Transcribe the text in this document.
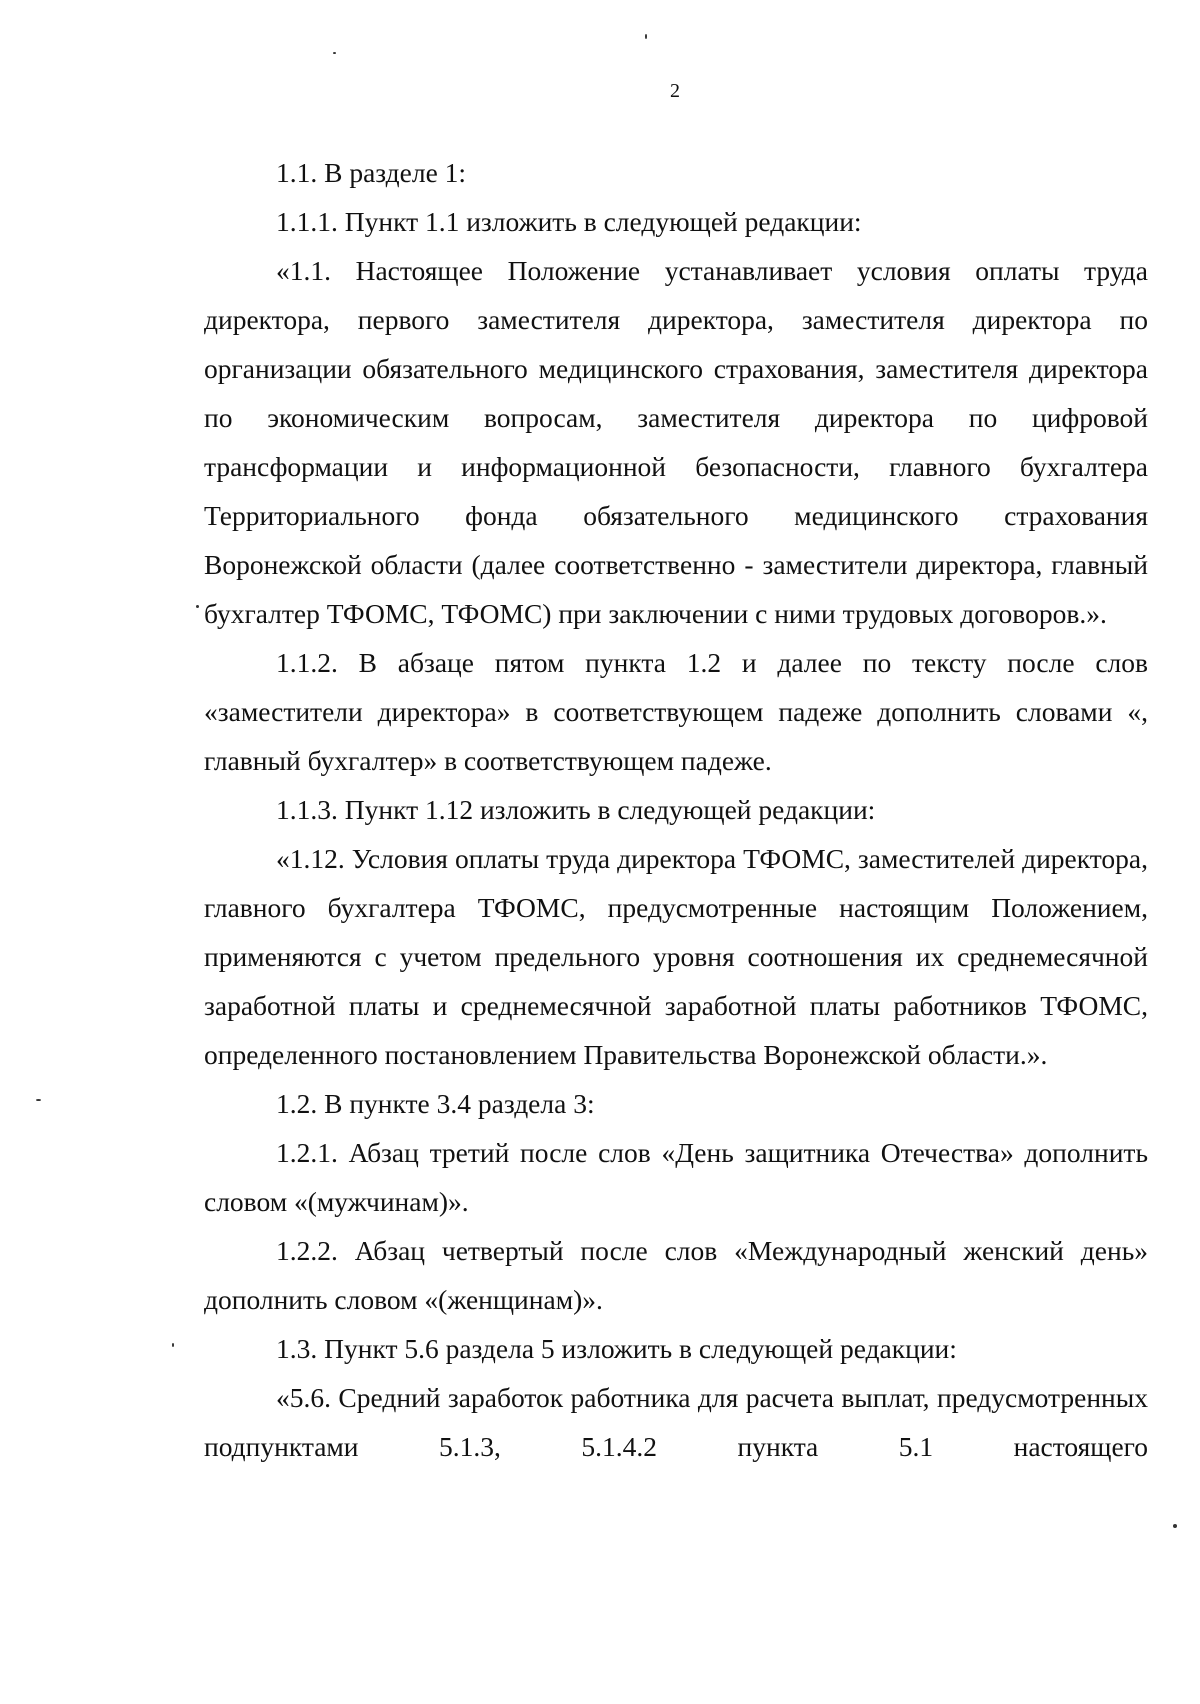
2

1.1. В разделе 1:

1.1.1. Пункт 1.1 изложить в следующей редакции:

«1.1. Настоящее Положение устанавливает условия оплаты труда директора, первого заместителя директора, заместителя директора по организации обязательного медицинского страхования, заместителя директора по экономическим вопросам, заместителя директора по цифровой трансформации и информационной безопасности, главного бухгалтера Территориального фонда обязательного медицинского страхования Воронежской области (далее соответственно - заместители директора, главный бухгалтер ТФОМС, ТФОМС) при заключении с ними трудовых договоров.».

1.1.2. В абзаце пятом пункта 1.2 и далее по тексту после слов «заместители директора» в соответствующем падеже дополнить словами «, главный бухгалтер» в соответствующем падеже.

1.1.3. Пункт 1.12 изложить в следующей редакции:

«1.12. Условия оплаты труда директора ТФОМС, заместителей директора, главного бухгалтера ТФОМС, предусмотренные настоящим Положением, применяются с учетом предельного уровня соотношения их среднемесячной заработной платы и среднемесячной заработной платы работников ТФОМС, определенного постановлением Правительства Воронежской области.».

1.2. В пункте 3.4 раздела 3:

1.2.1. Абзац третий после слов «День защитника Отечества» дополнить словом «(мужчинам)».

1.2.2. Абзац четвертый после слов «Международный женский день» дополнить словом «(женщинам)».

1.3. Пункт 5.6 раздела 5 изложить в следующей редакции:

«5.6. Средний заработок работника для расчета выплат, предусмотренных подпунктами 5.1.3, 5.1.4.2 пункта 5.1 настоящего
